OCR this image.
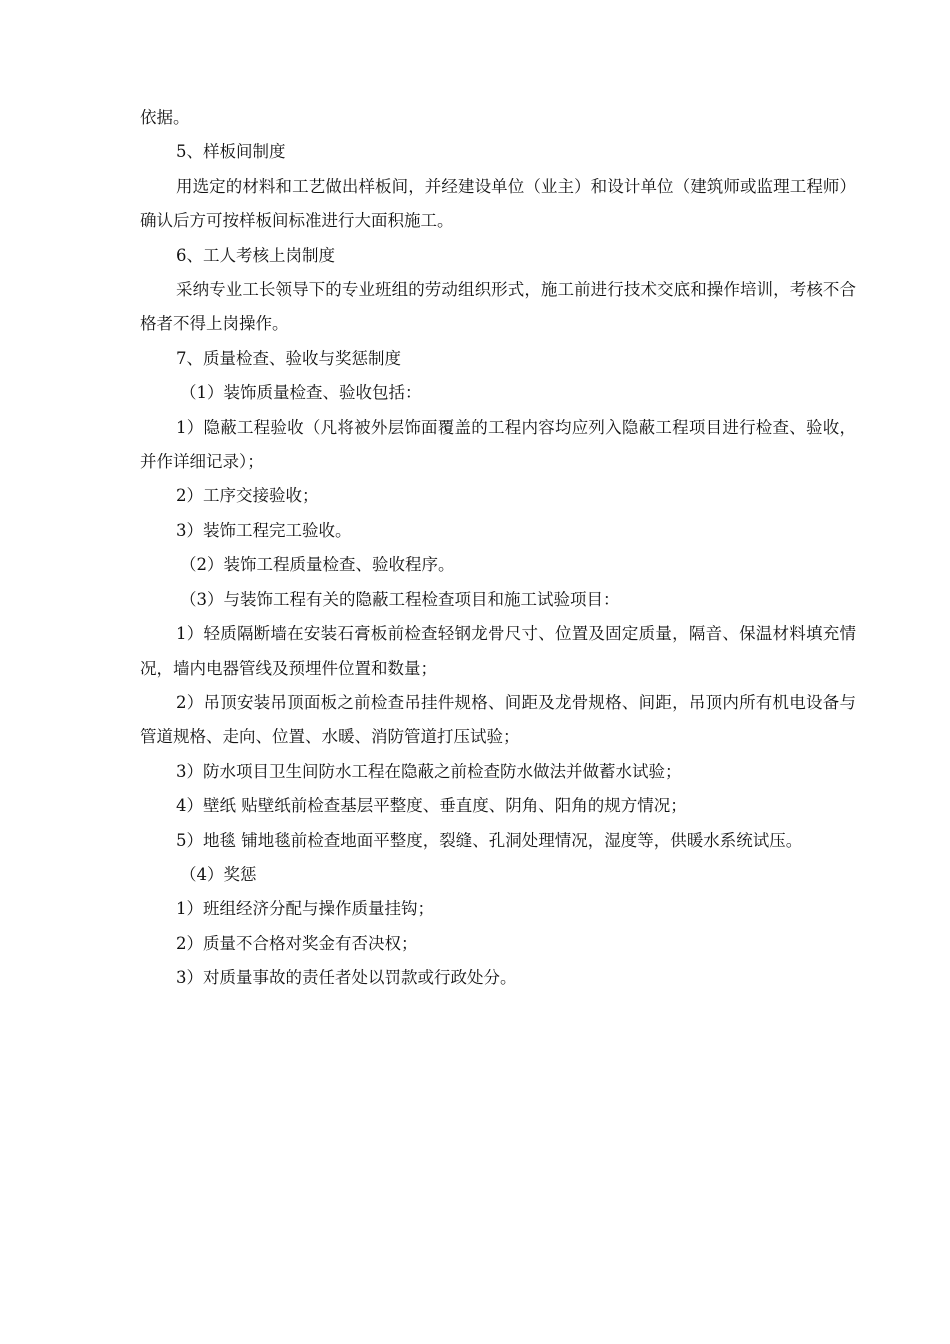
依据。

5、样板间制度

用选定的材料和工艺做出样板间，并经建设单位（业主）和设计单位（建筑师或监理工程师）确认后方可按样板间标准进行大面积施工。

6、工人考核上岗制度

采纳专业工长领导下的专业班组的劳动组织形式，施工前进行技术交底和操作培训，考核不合格者不得上岗操作。

7、质量检查、验收与奖惩制度

（1）装饰质量检查、验收包括：

1）隐蔽工程验收（凡将被外层饰面覆盖的工程内容均应列入隐蔽工程项目进行检查、验收，并作详细记录）；

2）工序交接验收；

3）装饰工程完工验收。

（2）装饰工程质量检查、验收程序。

（3）与装饰工程有关的隐蔽工程检查项目和施工试验项目：

1）轻质隔断墙在安装石膏板前检查轻钢龙骨尺寸、位置及固定质量，隔音、保温材料填充情况，墙内电器管线及预埋件位置和数量；

2）吊顶安装吊顶面板之前检查吊挂件规格、间距及龙骨规格、间距，吊顶内所有机电设备与管道规格、走向、位置、水暖、消防管道打压试验；

3）防水项目卫生间防水工程在隐蔽之前检查防水做法并做蓄水试验；

4）壁纸 贴壁纸前检查基层平整度、垂直度、阴角、阳角的规方情况；

5）地毯 铺地毯前检查地面平整度，裂缝、孔洞处理情况，湿度等，供暖水系统试压。

（4）奖惩

1）班组经济分配与操作质量挂钩；

2）质量不合格对奖金有否决权；

3）对质量事故的责任者处以罚款或行政处分。
